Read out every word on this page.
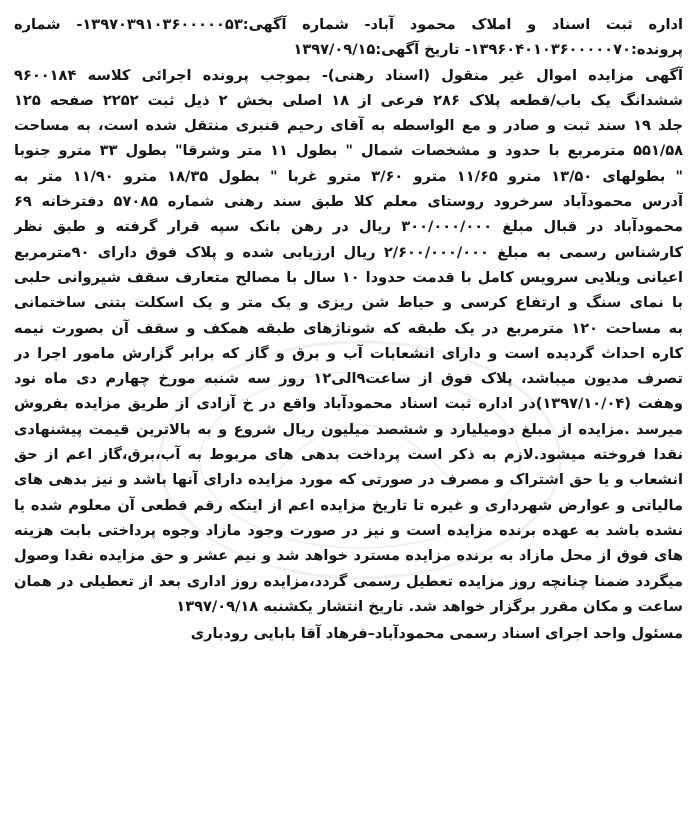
اداره ثبت اسناد و املاک محمود آباد- شماره آگهی:۱۳۹۷۰۳۹۱۰۳۶۰۰۰۰۰۵۳- شماره
پرونده:۱۳۹۶۰۴۰۱۰۳۶۰۰۰۰۰۷۰- تاریخ آگهی:۱۳۹۷/۰۹/۱۵
آگهی مزایده اموال غیر منقول (اسناد رهنی)- بموجب پرونده اجرائی کلاسه ۹۶۰۰۱۸۴
ششدانگ یک باب/قطعه پلاک ۲۸۶ فرعی از ۱۸ اصلی بخش ۲ ذیل ثبت ۲۲۵۲ صفحه ۱۲۵
جلد ۱۹ سند ثبت و صادر و مع الواسطه به آقای رحیم قنبری منتقل شده است، به مساحت
۵۵۱/۵۸ مترمربع با حدود و مشخصات شمال " بطول ۱۱ متر وشرقا" بطول ۳۳ مترو جنوبا
" بطولهای ۱۳/۵۰ مترو ۱۱/۶۵ مترو ۳/۶۰ مترو غربا " بطول ۱۸/۳۵ مترو ۱۱/۹۰ متر به
آدرس محمودآباد سرخرود روستای معلم کلا طبق سند رهنی شماره ۵۷۰۸۵ دفترخانه ۶۹
محمودآباد در قبال مبلغ ۳۰۰/۰۰۰/۰۰۰ ریال در رهن بانک سپه قرار گرفته و طبق نظر
کارشناس رسمی به مبلغ ۲/۶۰۰/۰۰۰/۰۰۰ ریال ارزیابی شده و پلاک فوق دارای ۹۰مترمربع
اعیانی ویلایی سرویس کامل با قدمت حدودا ۱۰ سال با مصالح متعارف سقف شیروانی حلبی
با نمای سنگ و ارتفاع کرسی و حیاط شن ریزی و یک متر و یک اسکلت بتنی ساختمانی
به مساحت ۱۲۰ مترمربع در یک طبقه که شوناژهای طبقه همکف و سقف آن بصورت نیمه
کاره احداث گردیده است و دارای انشعابات آب و برق و گاز که برابر گزارش مامور اجرا در
تصرف مدیون میباشد، پلاک فوق از ساعت۹الی۱۲ روز سه شنبه مورخ چهارم دی ماه نود
وهفت (۱۳۹۷/۱۰/۰۴)در اداره ثبت اسناد محمودآباد واقع در خ آزادی از طریق مزایده بفروش
میرسد .مزایده از مبلغ دومیلیارد و ششصد میلیون ریال شروع و به بالاترین قیمت پیشنهادی
نقدا فروخته میشود.لازم به ذکر است پرداخت بدهی های مربوط به آب،برق،گاز اعم از حق
انشعاب و یا حق اشتراک و مصرف در صورتی که مورد مزایده دارای آنها باشد و نیز بدهی های
مالیاتی و عوارض شهرداری و غیره تا تاریخ مزایده اعم از اینکه رقم قطعی آن معلوم شده یا
نشده باشد به عهده برنده مزایده است و نیز در صورت وجود مازاد وجوه پرداختی بابت هزینه
های فوق از محل مازاد به برنده مزایده مسترد خواهد شد و نیم عشر و حق مزایده نقدا وصول
میگردد ضمنا چنانچه روز مزایده تعطیل رسمی گردد،مزایده روز اداری بعد از تعطیلی در همان
ساعت و مکان مقرر برگزار خواهد شد. تاریخ انتشار یکشنبه ۱۳۹۷/۰۹/۱۸
مسئول واحد اجرای اسناد رسمی محمودآباد–فرهاد آقا بابایی رودباری
